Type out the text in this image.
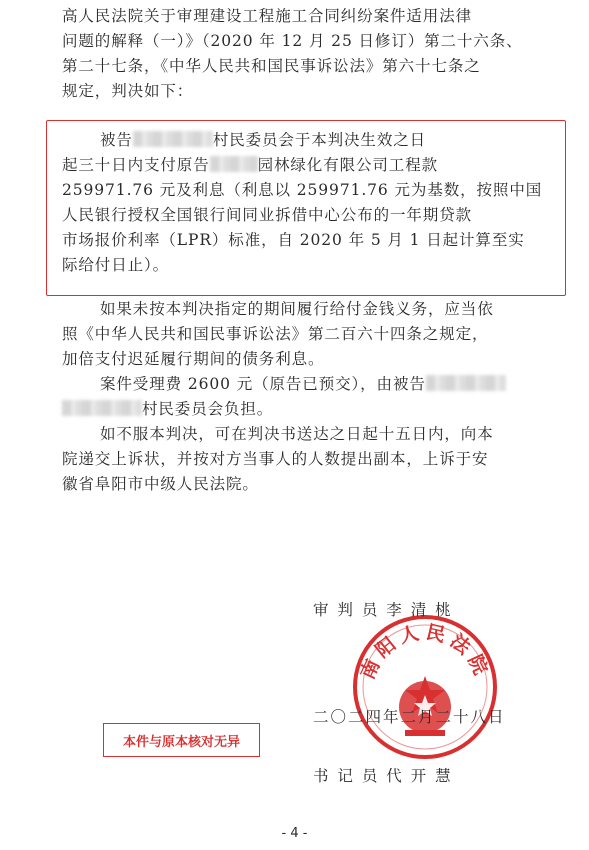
高人民法院关于审理建设工程施工合同纠纷案件适用法律
问题的解释（一）》（2020 年 12 月 25 日修订）第二十六条、
第二十七条，《中华人民共和国民事诉讼法》第六十七条之
规定，判决如下：
被告	村民委员会于本判决生效之日
起三十日内支付原告	园林绿化有限公司工程款
259971.76 元及利息（利息以 259971.76 元为基数，按照中国
人民银行授权全国银行间同业拆借中心公布的一年期贷款
市场报价利率（LPR）标准，自 2020 年 5 月 1 日起计算至实
际给付日止）。
如果未按本判决指定的期间履行给付金钱义务，应当依
照《中华人民共和国民事诉讼法》第二百六十四条之规定，
加倍支付迟延履行期间的债务利息。
案件受理费 2600 元（原告已预交），由被告
村民委员会负担。
如不服本判决，可在判决书送达之日起十五日内，向本
院递交上诉状，并按对方当事人的人数提出副本，上诉于安
徽省阜阳市中级人民法院。
南阳人民法院
审 判 员 李 清 桃
二〇二四年二月二十八日
书 记 员 代 开 慧
本件与原本核对无异
- 4 -
